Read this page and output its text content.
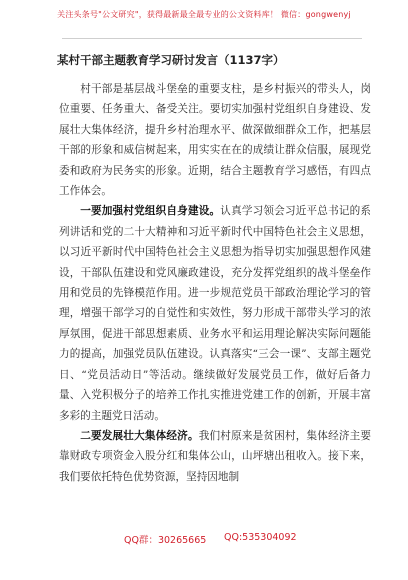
关注头条号"公文研究"，获得最新最全最专业的公文资料库！ 微信：gongwenyj
某村干部主题教育学习研讨发言（1137字）

村干部是基层战斗堡垒的重要支柱，是乡村振兴的带头人，岗位重要、任务重大、备受关注。要切实加强村党组织自身建设、发展壮大集体经济，提升乡村治理水平、做深做细群众工作，把基层干部的形象和威信树起来，用实实在在的成绩让群众信服，展现党委和政府为民务实的形象。近期，结合主题教育学习感悟，有四点工作体会。

一要加强村党组织自身建设。认真学习领会习近平总书记的系列讲话和党的二十大精神和习近平新时代中国特色社会主义思想，以习近平新时代中国特色社会主义思想为指导切实加强思想作风建设，干部队伍建设和党风廉政建设，充分发挥党组织的战斗堡垒作用和党员的先锋模范作用。进一步规范党员干部政治理论学习的管理，增强干部学习的自觉性和实效性，努力形成干部带头学习的浓厚氛围，促进干部思想素质、业务水平和运用理论解决实际问题能力的提高，加强党员队伍建设。认真落实“三会一课”、支部主题党日、“党员活动日”等活动。继续做好发展党员工作，做好后备力量、入党积极分子的培养工作扎实推进党建工作的创新，开展丰富多彩的主题党日活动。

二要发展壮大集体经济。我们村原来是贫困村，集体经济主要靠财政专项资金入股分红和集体公山，山坪塘出租收入。接下来，我们要依托特色优势资源，坚持因地制

QQ群：30265665 QQ:535304092
